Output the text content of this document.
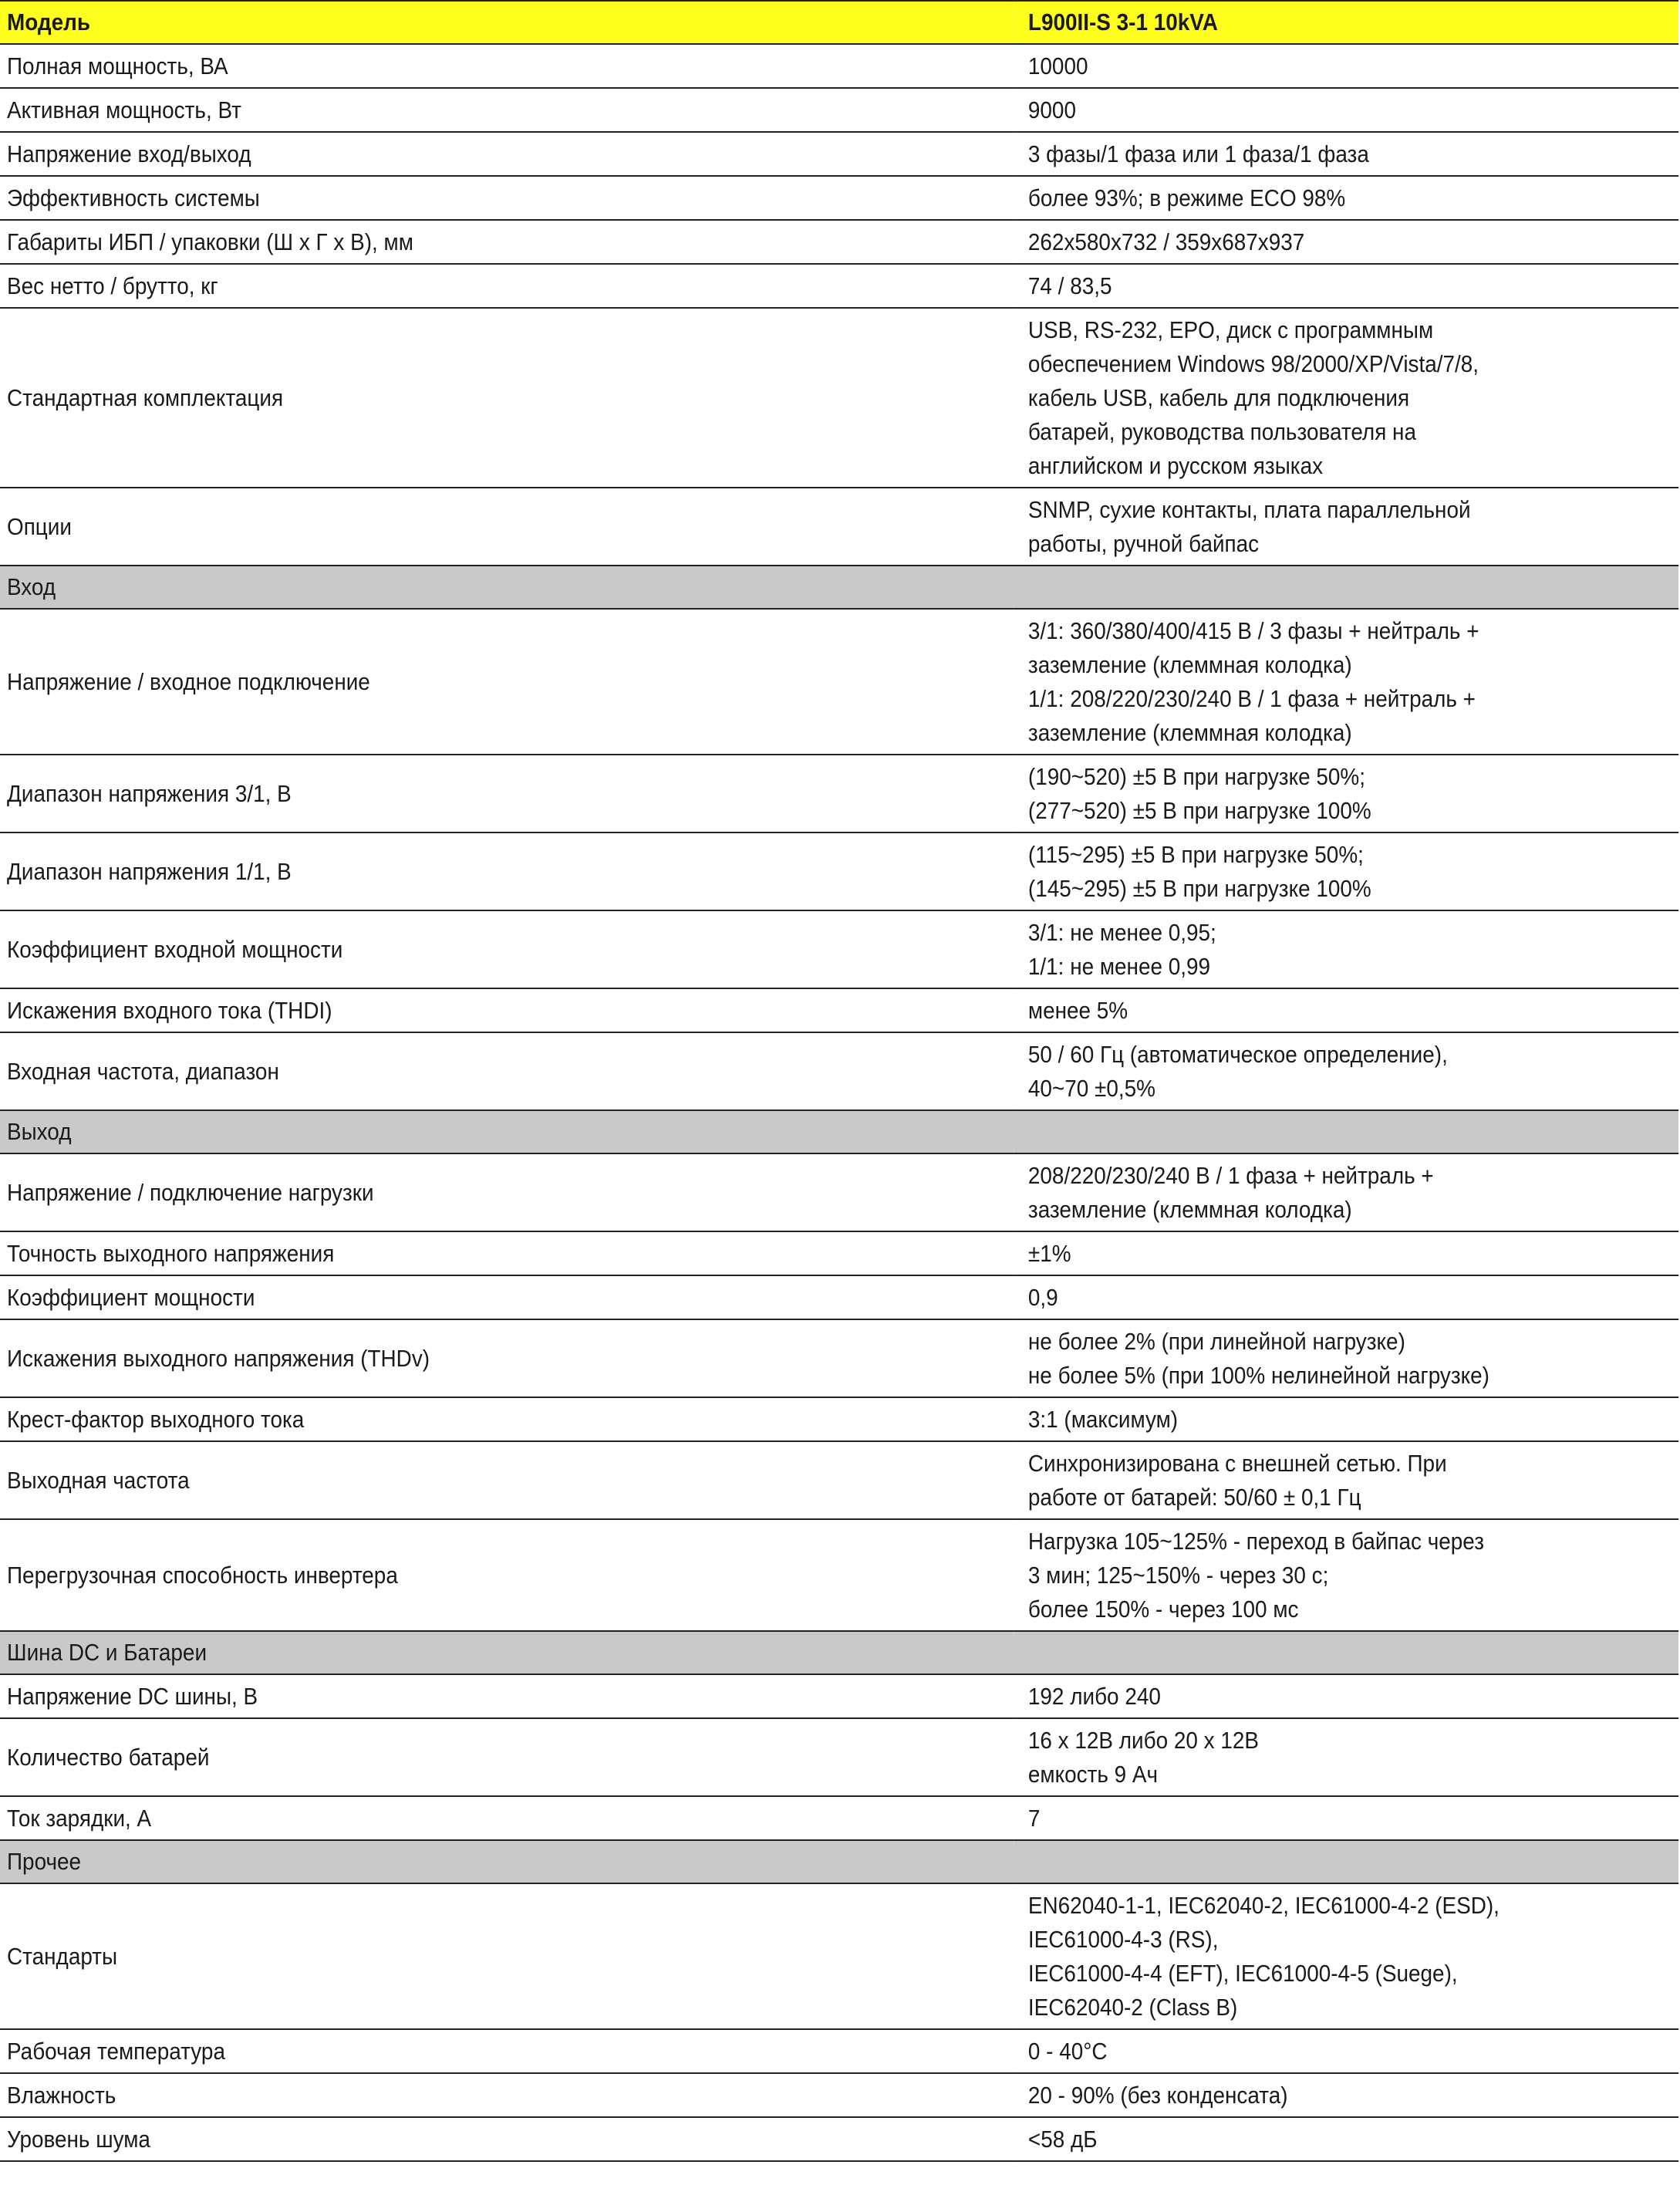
Модель	L900II-S 3-1 10kVA
Полная мощность, ВА	10000

Активная мощность, Вт	9000

Напряжение вход/выход	3 фазы/1 фаза или 1 фаза/1 фаза

Эффективность системы	более 93%; в режиме ECO 98%

Габариты ИБП / упаковки (Ш х Г х В), мм	262x580x732 / 359x687x937

Вес нетто / брутто, кг	74 / 83,5

Стандартная комплектация	USB, RS-232, EPO, диск с программным
обеспечением Windows 98/2000/XP/Vista/7/8,
кабель USB, кабель для подключения
батарей, руководства пользователя на
английском и русском языках

Опции	SNMP, сухие контакты, плата параллельной
работы, ручной байпас

Вход	
Напряжение / входное подключение	3/1: 360/380/400/415 В / 3 фазы + нейтраль +
заземление (клеммная колодка)
1/1: 208/220/230/240 В / 1 фаза + нейтраль +
заземление (клеммная колодка)

Диапазон напряжения 3/1, В	(190~520) ±5 В при нагрузке 50%;
(277~520) ±5 В при нагрузке 100%

Диапазон напряжения 1/1, В	(115~295) ±5 В при нагрузке 50%;
(145~295) ±5 В при нагрузке 100%

Коэффициент входной мощности	3/1: не менее 0,95;
1/1: не менее 0,99

Искажения входного тока (THDI)	менее 5%

Входная частота, диапазон	50 / 60 Гц (автоматическое определение),
40~70 ±0,5%

Выход	
Напряжение / подключение нагрузки	208/220/230/240 В / 1 фаза + нейтраль +
заземление (клеммная колодка)

Точность выходного напряжения	±1%

Коэффициент мощности	0,9

Искажения выходного напряжения (THDv)	не более 2% (при линейной нагрузке)
не более 5% (при 100% нелинейной нагрузке)

Крест-фактор выходного тока	3:1 (максимум)

Выходная частота	Синхронизирована с внешней сетью. При
работе от батарей: 50/60 ± 0,1 Гц

Перегрузочная способность инвертера	Нагрузка 105~125% - переход в байпас через
3 мин; 125~150% - через 30 с;
более 150% - через 100 мс

Шина DC и Батареи	
Напряжение DC шины, В	192 либо 240

Количество батарей	16 х 12В либо 20 х 12В
емкость 9 Ач

Ток зарядки, А	7

Прочее	
Стандарты	EN62040-1-1, IEC62040-2, IEC61000-4-2 (ESD),
IEC61000-4-3 (RS),
IEC61000-4-4 (EFT), IEC61000-4-5 (Suege),
IEC62040-2 (Class B)

Рабочая температура	0 - 40°C

Влажность	20 - 90% (без конденсата)

Уровень шума	<58 дБ
